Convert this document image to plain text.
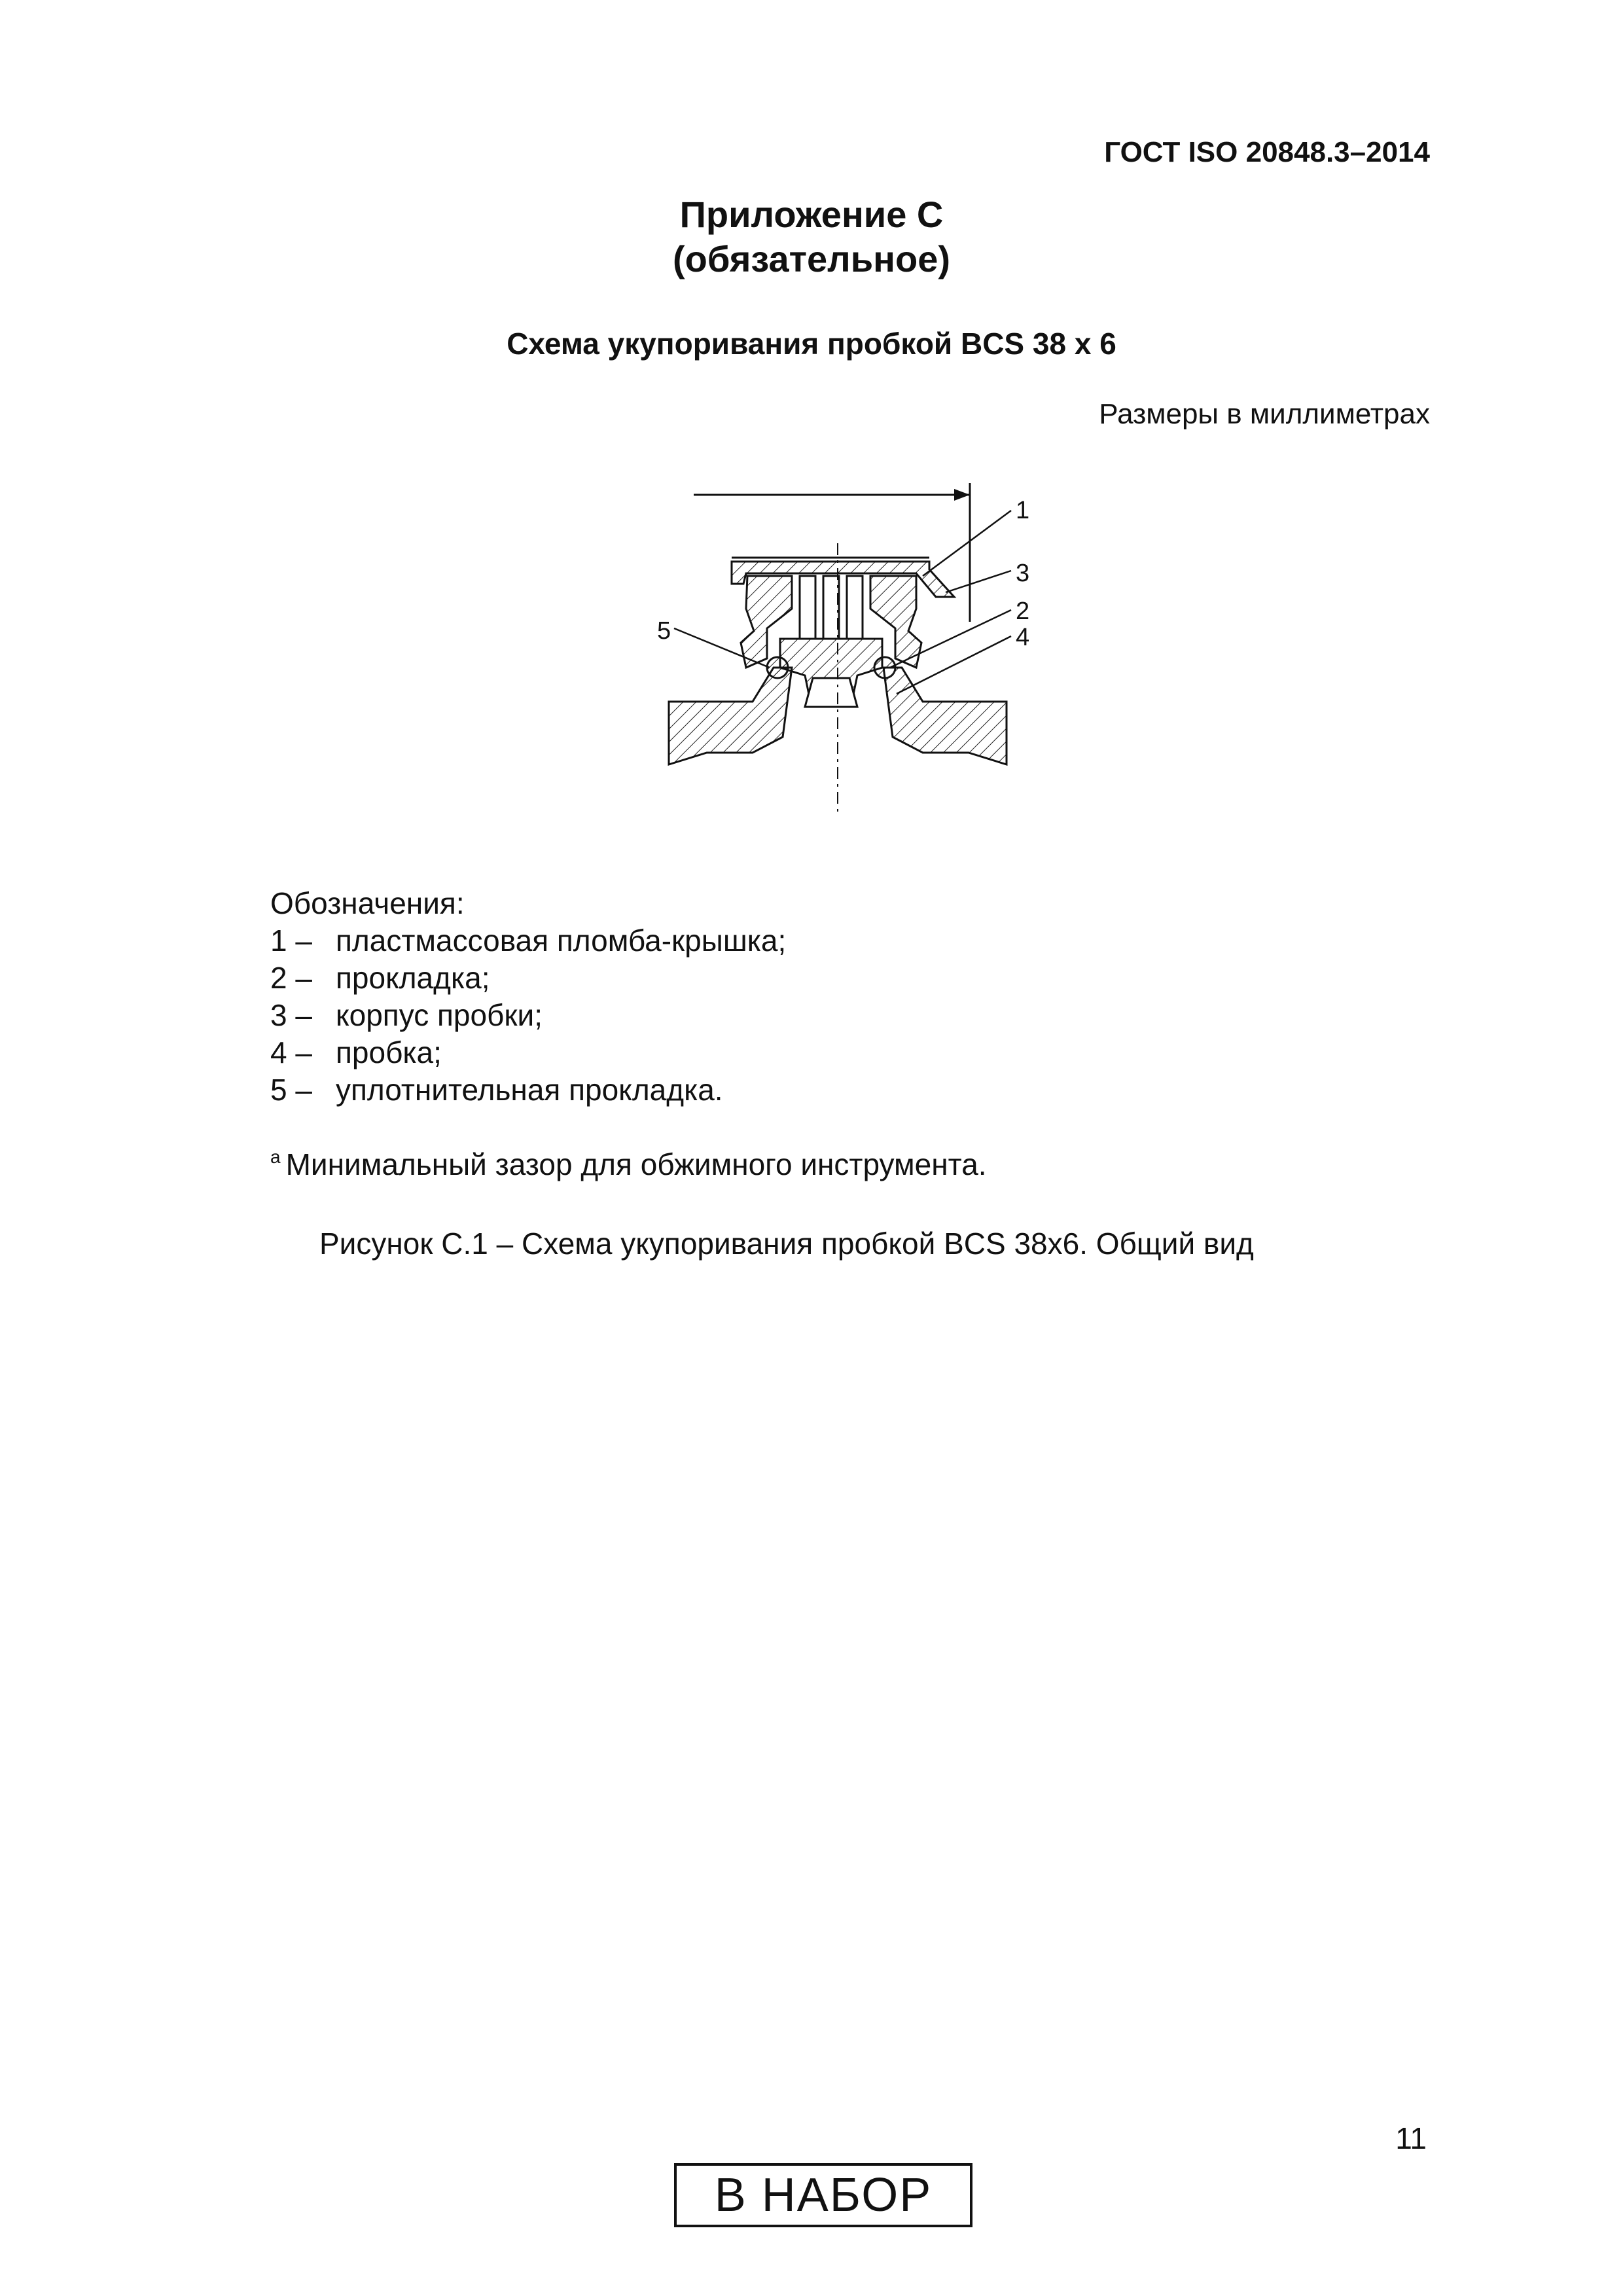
ГОСТ ISO 20848.3–2014
Приложение С
(обязательное)
Схема укупоривания пробкой BCS 38 x 6
Размеры в миллиметрах
1
3
2
4
5
Обозначения:
1 – пластмассовая пломба-крышка;
2 – прокладка;
3 – корпус пробки;
4 – пробка;
5 – уплотнительная прокладка.
$^a$ Минимальный зазор для обжимного инструмента.
Рисунок С.1 – Схема укупоривания пробкой BCS 38x6. Общий вид
11
В НАБОР
